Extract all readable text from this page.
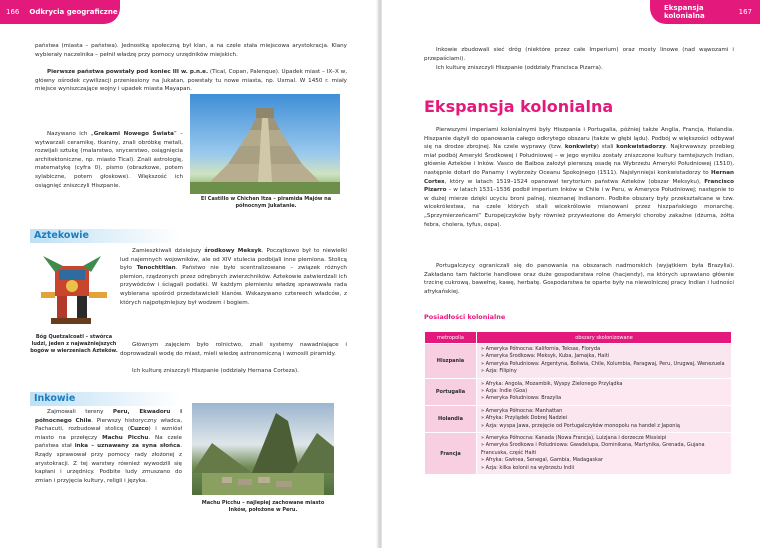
166 Odkrycia geograficzne

państwa (miasta – państwa). Jednostką społeczną był klan, a na czele stała miejscowa arystokracja. Klany wybierały naczelnika – pełnił władzę przy pomocy urzędników miejskich.

Pierwsze państwa powstały pod koniec III w. p.n.e. (Tical, Copan, Palenque). Upadek miast – IX–X w, główny ośrodek cywilizacji przeniesiony na Jukatan, powstały tu nowe miasta, np. Uxmal. W 1450 r. miały miejsce wyniszczające wojny i upadek miasta Mayapan.

Nazywano ich „Grekami Nowego Świata” – wytwarzali ceramikę, tkaniny, znali obróbkę metali, rozwijali sztukę (malarstwo, snycerstwo, osiągnięcia architektoniczne, np. miasto Tical). Znali astrologię, matematykę (cyfra 0), pismo (obrazkowe, potem sylabiczne, potem głoskowe). Większość ich osiągnięć zniszczyli Hiszpanie.

El Castillo w Chichen Itza – piramida Majów na północnym Jukatanie.
Aztekowie
Bóg Quetzalcoatl – stwórca ludzi, jeden z najważniejszych bogów w wierzeniach Azteków.

Zamieszkiwali dzisiejszy środkowy Meksyk. Początkowo był to niewielki lud najemnych wojowników, ale od XIV stulecia podbijali inne plemiona. Stolicą było Tenochtitlan. Państwo nie było scentralizowane – związek różnych plemion, rządzonych przez odrębnych zwierzchników. Aztekowie zatwierdzali ich przywódców i ściągali podatki. W każdym plemieniu władzę sprawowała rada wybierana spośród przedstawicieli klanów. Wskazywano cztereech władców, z których najpotężniejszy był wodzem i bogiem.

Głównym zajęciem było rolnictwo, znali systemy nawadniające i doprowadzali wodę do miast, mieli wiedzę astronomiczną i wznosili piramidy.

Ich kulturę zniszczyli Hiszpanie (oddziały Hernana Corteza).

Inkowie

Zajmowali tereny Peru, Ekwadoru i północnego Chile. Pierwszy historyczny władca, Pachacuti, rozbudował stolicę (Cuzco) i wzniósł miasto na przełęczy Machu Picchu. Na czele państwa stał inka – uznawany za syna słońca. Rządy sprawował przy pomocy rady złożonej z arystokracji. Z tej warstwy również wywodzili się kapłani i urzędnicy. Podbite ludy zmuszano do zmian i przyjęcia kultury, religii i języka.

Machu Picchu – najlepiej zachowane miasto Inków, położone w Peru.
Ekspansja kolonialna	167

Inkowie zbudowali sieć dróg (niektóre przez całe Imperium) oraz mosty linowe (nad wąwozami i przepaściami).

Ich kulturę zniszczyli Hiszpanie (oddziały Francisca Pizarra).

Ekspansja kolonialna

Pierwszymi imperiami kolonialnymi były Hiszpania i Portugalia, później także Anglia, Francja, Holandia. Hiszpanie dążyli do opanowania całego odkrytego obszaru (także w głębi lądu). Podbój w większości odbywał się na drodze zbrojnej. Na czele wyprawy (tzw. konkwisty) stali konkwistadorzy. Najkrwawszy przebieg miał podbój Ameryki Środkowej i Południowej – w jego wyniku zostały zniszczone kultury tamtejszych Indian, głównie Azteków i Inków. Vasco de Balboa założył pierwszą osadę na Wybrzeżu Ameryki Południowej (1510), następnie dotarł do Panamy i wybrzeży Oceanu Spokojnego (1511). Najsłynniejsi konkwistadorzy to Hernan Cortes, który w latach 1519–1524 opanował terytorium państwa Azteków (obszar Meksyku), Francisco Pizarro – w latach 1531–1536 podbił imperium Inków w Chile i w Peru, w Ameryce Południowej; następnie to w dużej mierze dzięki ucyciu broni palnej, nieznanej Indianom. Podbite obszary były przekształcane w tzw. wicekrólestwa, na czele których stali wicekrólowie mianowani przez hiszpańskiego monarchę. „Sprzymierzeńcami” Europejczyków były również przywiezione do Ameryki choroby zakaźne (dżuma, żółta febra, cholera, tyfus, ospa).

Portugalczycy ograniczali się do panowania na obszarach nadmorskich (wyjątkiem była Brazylia). Zakładano tam faktorie handlowe oraz duże gospodarstwa rolne (hacjendy), na których uprawiano głównie trzcinę cukrową, bawełnę, kawę, herbatę. Gospodarstwa te oparte były na niewolniczej pracy Indian i ludności afrykańskiej.

Posiadłości kolonialne
metropolia	obszary skolonizowane
Hiszpania	» Ameryka Północna: Kalifornia, Teksas, Floryda
» Ameryka Środkowa: Meksyk, Kuba, Jamajka, Haiti
» Ameryka Południowa: Argentyna, Boliwia, Chile, Kolumbia, Paragwaj, Peru, Urugwaj, Wenezuela
» Azja: Filipiny

Portugalia	» Afryka: Angola, Mozambik, Wyspy Zielonego Przylądka
» Azja: Indie (Goa)
» Ameryka Południowa: Brazylia

Holandia	» Ameryka Północna: Manhattan
» Afryka: Przylądek Dobrej Nadziei
» Azja: wyspa Jawa, przejęcie od Portugalczyków monopolu na handel z Japonią

Francja	» Ameryka Północna: Kanada (Nowa Francja), Luizjana i dorzecze Missisipi
» Ameryka Środkowa i Południowa: Gwadelupa, Dominikana, Martynika, Grenada, Gujana Francuska, część Haiti
» Afryka: Gwinea, Senegal, Gambia, Madagaskar
» Azja: kilka kolonii na wybrzeżu Indii
